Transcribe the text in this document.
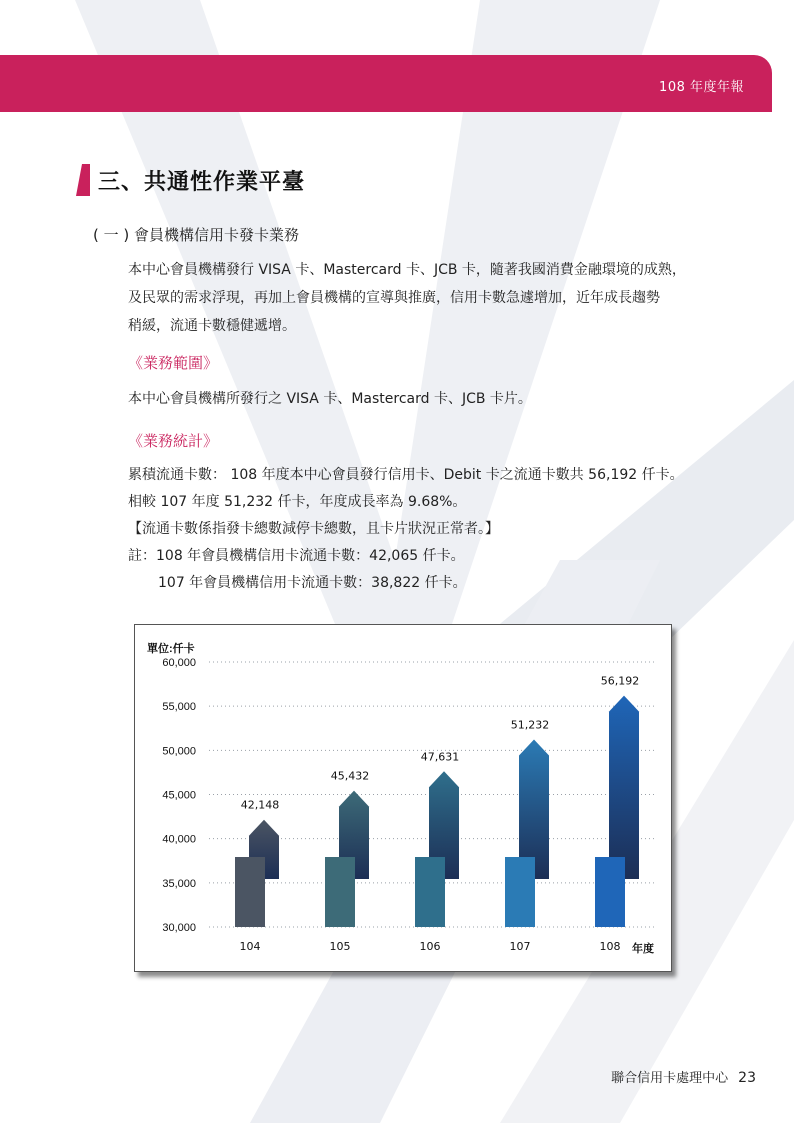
108 年度年報
三、共通性作業平臺
( 一 ) 會員機構信用卡發卡業務
本中心會員機構發行 VISA 卡、Mastercard 卡、JCB 卡，隨著我國消費金融環境的成熟，
及民眾的需求浮現，再加上會員機構的宣導與推廣，信用卡數急遽增加，近年成長趨勢
稍緩，流通卡數穩健遞增。
《業務範圍》
本中心會員機構所發行之 VISA 卡、Mastercard 卡、JCB 卡片。
《業務統計》
累積流通卡數： 108 年度本中心會員發行信用卡、Debit 卡之流通卡數共 56,192 仟卡。
相較 107 年度 51,232 仟卡，年度成長率為 9.68%。
【流通卡數係指發卡總數減停卡總數，且卡片狀況正常者。】
註：108 年會員機構信用卡流通卡數：42,065 仟卡。
107 年會員機構信用卡流通卡數：38,822 仟卡。
30,000
35,000
40,000
45,000
50,000
55,000
60,000
42,148
104
45,432
105
47,631
106
51,232
107
56,192
108
單位:仟卡
年度
聯合信用卡處理中心 23
